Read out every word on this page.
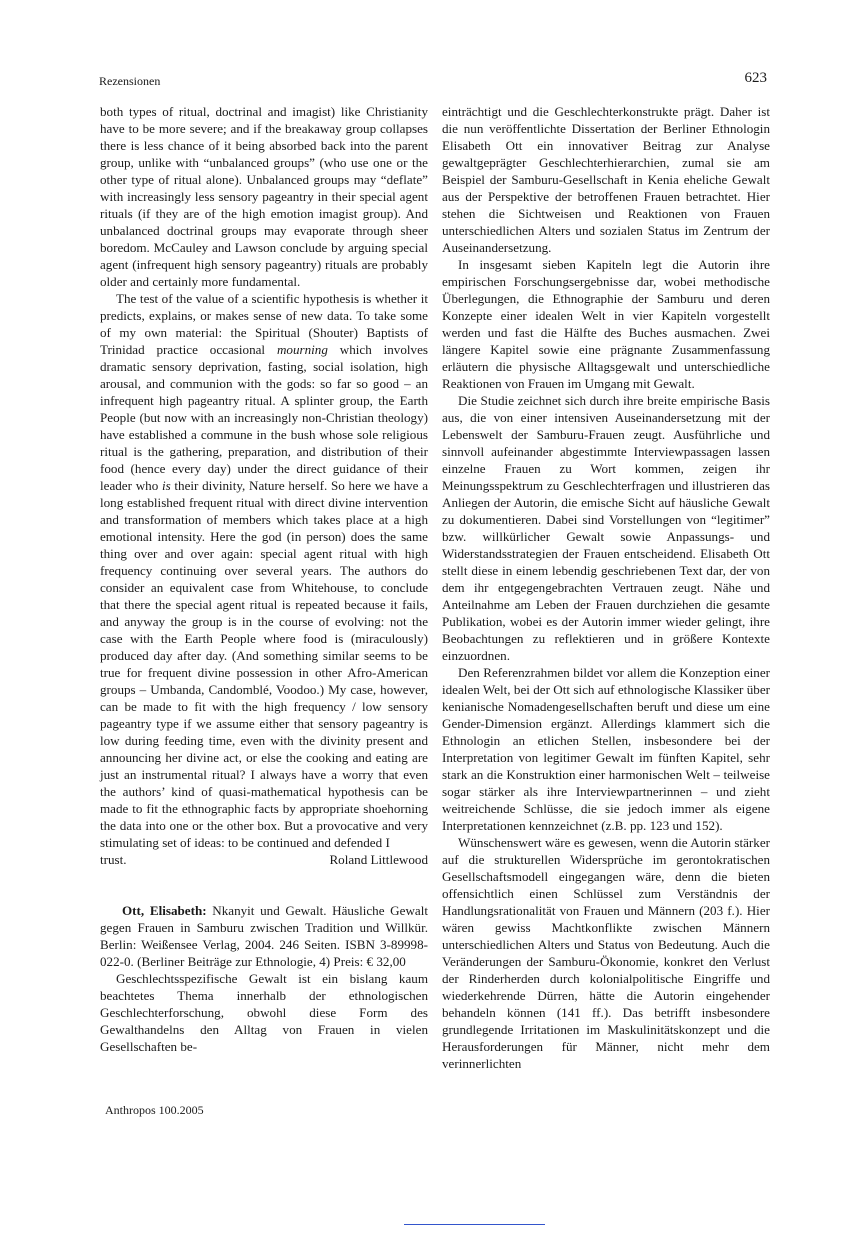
Rezensionen	623

both types of ritual, doctrinal and imagist) like Christianity have to be more severe; and if the breakaway group collapses there is less chance of it being absorbed back into the parent group, unlike with “unbalanced groups” (who use one or the other type of ritual alone). Unbalanced groups may “deflate” with increasingly less sensory pageantry in their special agent rituals (if they are of the high emotion imagist group). And unbalanced doctrinal groups may evaporate through sheer boredom. McCauley and Lawson conclude by arguing special agent (infrequent high sensory pageantry) rituals are probably older and certainly more fundamental.

The test of the value of a scientific hypothesis is whether it predicts, explains, or makes sense of new data. To take some of my own material: the Spiritual (Shouter) Baptists of Trinidad practice occasional mourning which involves dramatic sensory deprivation, fasting, social isolation, high arousal, and communion with the gods: so far so good – an infrequent high pageantry ritual. A splinter group, the Earth People (but now with an increasingly non-Christian theology) have established a commune in the bush whose sole religious ritual is the gathering, preparation, and distribution of their food (hence every day) under the direct guidance of their leader who is their divinity, Nature herself. So here we have a long established frequent ritual with direct divine intervention and transformation of members which takes place at a high emotional intensity. Here the god (in person) does the same thing over and over again: special agent ritual with high frequency continuing over several years. The authors do consider an equivalent case from Whitehouse, to conclude that there the special agent ritual is repeated because it fails, and anyway the group is in the course of evolving: not the case with the Earth People where food is (miraculously) produced day after day. (And something similar seems to be true for frequent divine possession in other Afro-American groups – Umbanda, Candomblé, Voodoo.) My case, however, can be made to fit with the high frequency / low sensory pageantry type if we assume either that sensory pageantry is low during feeding time, even with the divinity present and announcing her divine act, or else the cooking and eating are just an instrumental ritual? I always have a worry that even the authors’ kind of quasi-mathematical hypothesis can be made to fit the ethnographic facts by appropriate shoehorning the data into one or the other box. But a provocative and very stimulating set of ideas: to be continued and defended I

trust.	Roland Littlewood

Ott, Elisabeth: Nkanyit und Gewalt. Häusliche Gewalt gegen Frauen in Samburu zwischen Tradition und Willkür. Berlin: Weißensee Verlag, 2004. 246 Seiten. ISBN 3-89998-022-0. (Berliner Beiträge zur Ethnologie, 4) Preis: € 32,00

Geschlechtsspezifische Gewalt ist ein bislang kaum beachtetes Thema innerhalb der ethnologischen Geschlechterforschung, obwohl diese Form des Gewalthandelns den Alltag von Frauen in vielen Gesellschaften be-

einträchtigt und die Geschlechterkonstrukte prägt. Daher ist die nun veröffentlichte Dissertation der Berliner Ethnologin Elisabeth Ott ein innovativer Beitrag zur Analyse gewaltgeprägter Geschlechterhierarchien, zumal sie am Beispiel der Samburu-Gesellschaft in Kenia eheliche Gewalt aus der Perspektive der betroffenen Frauen betrachtet. Hier stehen die Sichtweisen und Reaktionen von Frauen unterschiedlichen Alters und sozialen Status im Zentrum der Auseinandersetzung.

In insgesamt sieben Kapiteln legt die Autorin ihre empirischen Forschungsergebnisse dar, wobei methodische Überlegungen, die Ethnographie der Samburu und deren Konzepte einer idealen Welt in vier Kapiteln vorgestellt werden und fast die Hälfte des Buches ausmachen. Zwei längere Kapitel sowie eine prägnante Zusammenfassung erläutern die physische Alltagsgewalt und unterschiedliche Reaktionen von Frauen im Umgang mit Gewalt.

Die Studie zeichnet sich durch ihre breite empirische Basis aus, die von einer intensiven Auseinandersetzung mit der Lebenswelt der Samburu-Frauen zeugt. Ausführliche und sinnvoll aufeinander abgestimmte Interviewpassagen lassen einzelne Frauen zu Wort kommen, zeigen ihr Meinungsspektrum zu Geschlechterfragen und illustrieren das Anliegen der Autorin, die emische Sicht auf häusliche Gewalt zu dokumentieren. Dabei sind Vorstellungen von “legitimer” bzw. willkürlicher Gewalt sowie Anpassungs- und Widerstandsstrategien der Frauen entscheidend. Elisabeth Ott stellt diese in einem lebendig geschriebenen Text dar, der von dem ihr entgegengebrachten Vertrauen zeugt. Nähe und Anteilnahme am Leben der Frauen durchziehen die gesamte Publikation, wobei es der Autorin immer wieder gelingt, ihre Beobachtungen zu reflektieren und in größere Kontexte einzuordnen.

Den Referenzrahmen bildet vor allem die Konzeption einer idealen Welt, bei der Ott sich auf ethnologische Klassiker über kenianische Nomadengesellschaften beruft und diese um eine Gender-Dimension ergänzt. Allerdings klammert sich die Ethnologin an etlichen Stellen, insbesondere bei der Interpretation von legitimer Gewalt im fünften Kapitel, sehr stark an die Konstruktion einer harmonischen Welt – teilweise sogar stärker als ihre Interviewpartnerinnen – und zieht weitreichende Schlüsse, die sie jedoch immer als eigene Interpretationen kennzeichnet (z.B. pp. 123 und 152).

Wünschenswert wäre es gewesen, wenn die Autorin stärker auf die strukturellen Widersprüche im gerontokratischen Gesellschaftsmodell eingegangen wäre, denn die bieten offensichtlich einen Schlüssel zum Verständnis der Handlungsrationalität von Frauen und Männern (203 f.). Hier wären gewiss Machtkonflikte zwischen Männern unterschiedlichen Alters und Status von Bedeutung. Auch die Veränderungen der Samburu-Ökonomie, konkret den Verlust der Rinderherden durch kolonialpolitische Eingriffe und wiederkehrende Dürren, hätte die Autorin eingehender behandeln können (141 ff.). Das betrifft insbesondere grundlegende Irritationen im Maskulinitätskonzept und die Herausforderungen für Männer, nicht mehr dem verinnerlichten

Anthropos 100.2005
